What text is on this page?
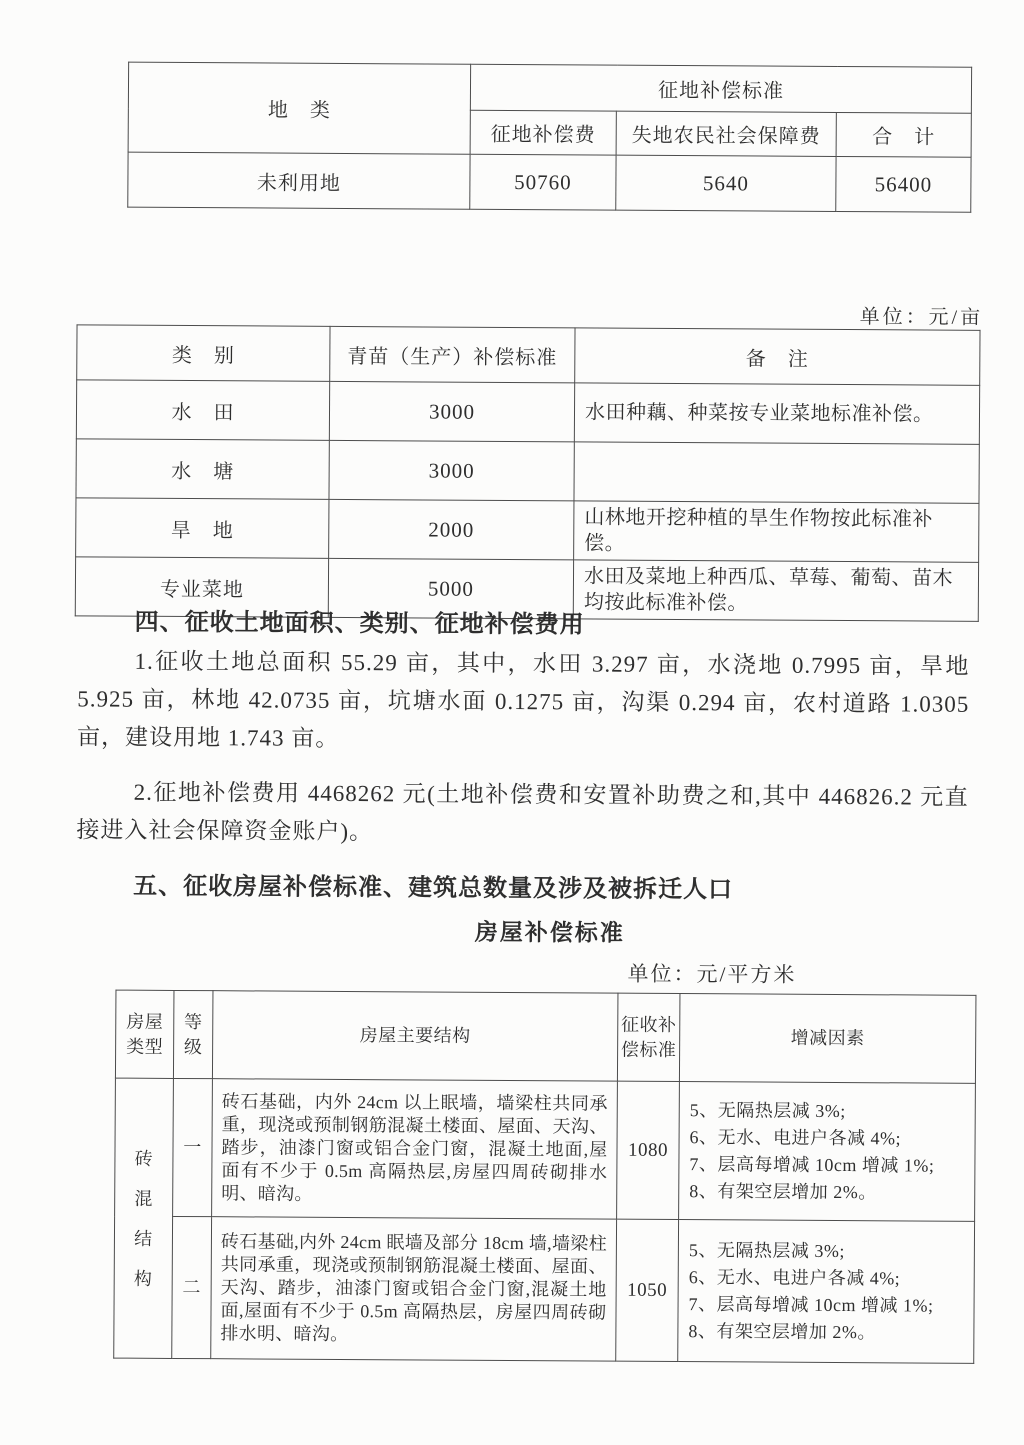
地　类	征地补偿标准		
	征地补偿费	失地农民社会保障费	合　计
未利用地	50760	5640	56400
单位：元/亩
类　别	青苗（生产）补偿标准	备　注
水　田	3000	水田种藕、种菜按专业菜地标准补偿。
水　塘	3000	
旱　地	2000	山林地开挖种植的旱生作物按此标准补偿。
专业菜地	5000	水田及菜地上种西瓜、草莓、葡萄、苗木均按此标准补偿。
四、征收土地面积、类别、征地补偿费用
1.征收土地总面积 55.29 亩，其中，水田 3.297 亩，水浇地 0.7995 亩，旱地 5.925 亩，林地 42.0735 亩，坑塘水面 0.1275 亩，沟渠 0.294 亩，农村道路 1.0305 亩，建设用地 1.743 亩。
2.征地补偿费用 4468262 元(土地补偿费和安置补助费之和,其中 446826.2 元直接进入社会保障资金账户)。
五、征收房屋补偿标准、建筑总数量及涉及被拆迁人口
房屋补偿标准
单位：元/平方米
房屋类型	等级	房屋主要结构	征收补偿标准	增减因素

砖混结构	一	砖石基础，内外 24cm 以上眠墙，墙梁柱共同承重，现浇或预制钢筋混凝土楼面、屋面、天沟、踏步，油漆门窗或铝合金门窗，混凝土地面,屋面有不少于 0.5m 高隔热层,房屋四周砖砌排水明、暗沟。	1080	5、无隔热层减 3%;
6、无水、电进户各减 4%;
7、层高每增减 10cm 增减 1%;
8、有架空层增加 2%。

	二	砖石基础,内外 24cm 眠墙及部分 18cm 墙,墙梁柱共同承重，现浇或预制钢筋混凝土楼面、屋面、天沟、踏步，油漆门窗或铝合金门窗,混凝土地面,屋面有不少于 0.5m 高隔热层，房屋四周砖砌排水明、暗沟。	1050	5、无隔热层减 3%;
6、无水、电进户各减 4%;
7、层高每增减 10cm 增减 1%;
8、有架空层增加 2%。
